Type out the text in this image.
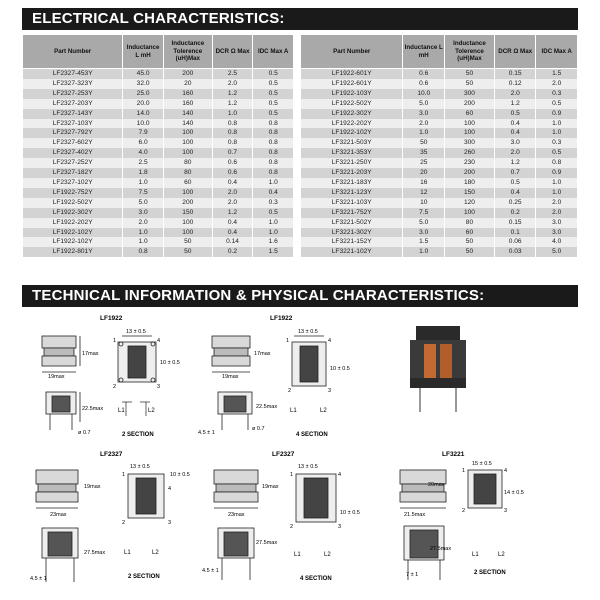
ELECTRICAL CHARACTERISTICS:
Part Number	Inductance L mH	Inductance Tolerence (uH)Max	DCR Ω Max	IDC Max A
LF2327-453Y	45.0	200	2.5	0.5
LF2327-323Y	32.0	20	2.0	0.5
LF2327-253Y	25.0	160	1.2	0.5
LF2327-203Y	20.0	160	1.2	0.5
LF2327-143Y	14.0	140	1.0	0.5
LF2327-103Y	10.0	140	0.8	0.8
LF2327-792Y	7.9	100	0.8	0.8
LF2327-602Y	6.0	100	0.8	0.8
LF2327-402Y	4.0	100	0.7	0.8
LF2327-252Y	2.5	80	0.6	0.8
LF2327-182Y	1.8	80	0.6	0.8
LF2327-102Y	1.0	60	0.4	1.0
LF1922-752Y	7.5	100	2.0	0.4
LF1922-502Y	5.0	200	2.0	0.3
LF1922-302Y	3.0	150	1.2	0.5
LF1922-202Y	2.0	100	0.4	1.0
LF1922-102Y	1.0	100	0.4	1.0
LF1922-102Y	1.0	50	0.14	1.6
LF1922-801Y	0.8	50	0.2	1.5
Part Number	Inductance L mH	Inductance Tolerence (uH)Max	DCR Ω Max	IDC Max A
LF1922-601Y	0.6	50	0.15	1.5
LF1922-601Y	0.6	50	0.12	2.0
LF1922-103Y	10.0	300	2.0	0.3
LF1922-502Y	5.0	200	1.2	0.5
LF1922-302Y	3.0	60	0.5	0.9
LF1922-202Y	2.0	100	0.4	1.0
LF1922-102Y	1.0	100	0.4	1.0
LF3221-503Y	50	300	3.0	0.3
LF3221-353Y	35	260	2.0	0.5
LF3221-250Y	25	230	1.2	0.8
LF3221-203Y	20	200	0.7	0.9
LF3221-183Y	16	180	0.5	1.0
LF3221-123Y	12	150	0.4	1.0
LF3221-103Y	10	120	0.25	2.0
LF3221-752Y	7.5	100	0.2	2.0
LF3221-502Y	5.0	80	0.15	3.0
LF3221-302Y	3.0	60	0.1	3.0
LF3221-152Y	1.5	50	0.06	4.0
LF3221-102Y	1.0	50	0.03	5.0
TECHNICAL INFORMATION & PHYSICAL CHARACTERISTICS:
LF1922
17max
19max
13 ± 0.5
10 ± 0.5
1
2	3
4
22.5max
ø 0.7
L1	L2
2 SECTION
LF1922
17max
19max
13 ± 0.5
10 ± 0.5
1
2	3
4
22.5max
4.5 ± 1
ø 0.7
L1	L2
4 SECTION
LF2327
19max
23max
13 ± 0.5
10 ± 0.5
1
2	3
4
27.5max
4.5 ± 1
L1	L2
2 SECTION
LF2327
19max
23max
13 ± 0.5
10 ± 0.5
1
2	3
4
27.5max
4.5 ± 1
L1	L2
4 SECTION
LF3221
20max
21.5max
15 ± 0.5
14 ± 0.5
1
2	3
4
27.5max
7 ± 1
L1	L2
2 SECTION
